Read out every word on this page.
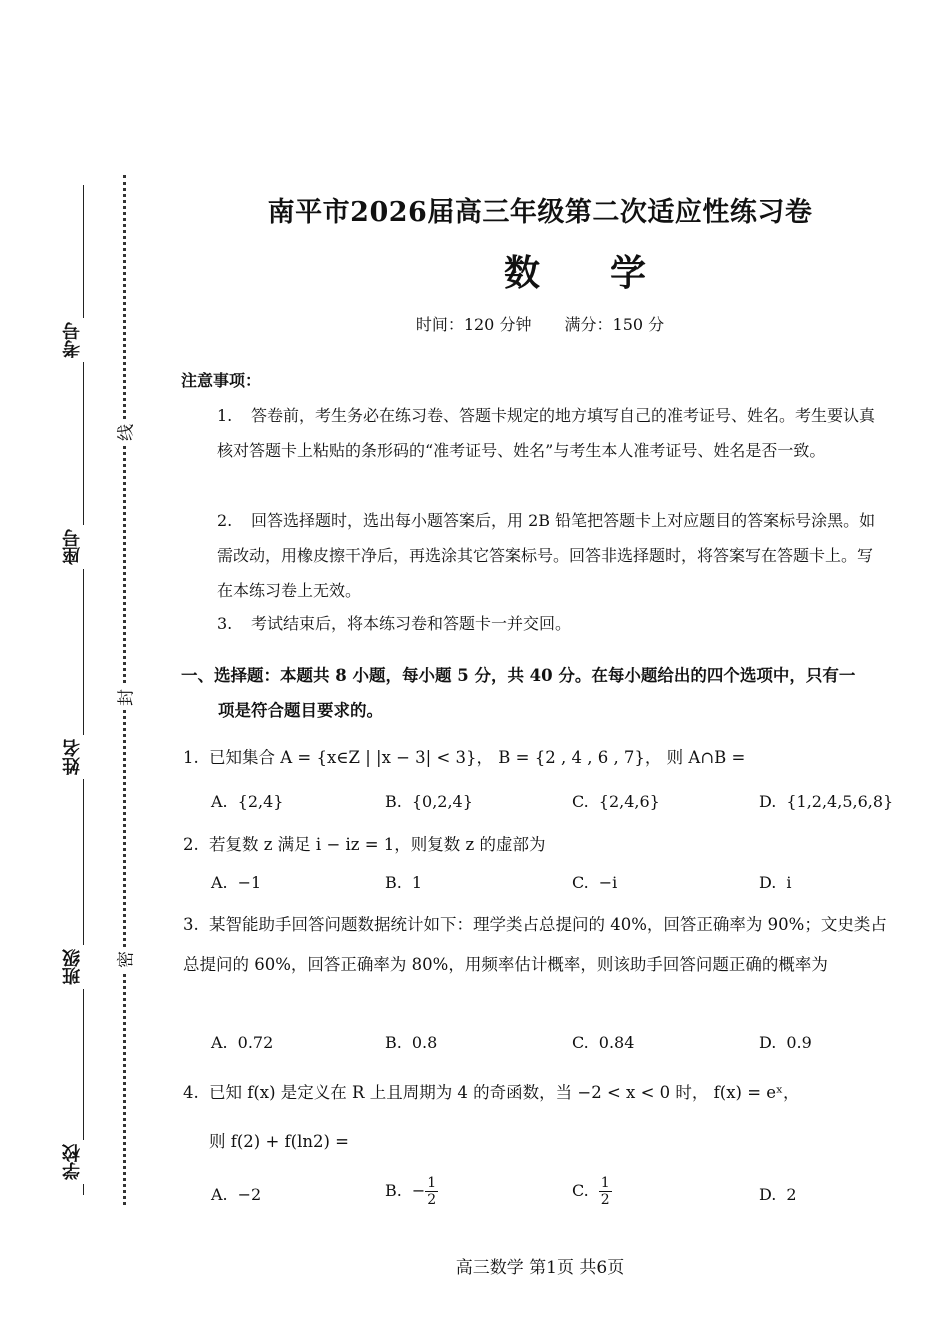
考号
座号
姓名
班级
学校
线
封
密
南平市2026届高三年级第二次适应性练习卷
数学
时间：120 分钟 满分：150 分
注意事项：
1. 答卷前，考生务必在练习卷、答题卡规定的地方填写自己的准考证号、姓名。考生要认真核对答题卡上粘贴的条形码的“准考证号、姓名”与考生本人准考证号、姓名是否一致。
2. 回答选择题时，选出每小题答案后，用 2B 铅笔把答题卡上对应题目的答案标号涂黑。如需改动，用橡皮擦干净后，再选涂其它答案标号。回答非选择题时，将答案写在答题卡上。写在本练习卷上无效。
3. 考试结束后，将本练习卷和答题卡一并交回。
一、选择题：本题共 8 小题，每小题 5 分，共 40 分。在每小题给出的四个选项中，只有一
项是符合题目要求的。
1. 已知集合 A = {x∈Z | |x − 3| < 3}， B = {2 , 4 , 6 , 7}， 则 A∩B =
A. {2,4}	B. {0,2,4}	C. {2,4,6}	D. {1,2,4,5,6,8}
2. 若复数 z 满足 i − iz = 1，则复数 z 的虚部为
A. −1	B. 1	C. −i	D. i
3. 某智能助手回答问题数据统计如下：理学类占总提问的 40%，回答正确率为 90%；文史类占总提问的 60%，回答正确率为 80%，用频率估计概率，则该助手回答问题正确的概率为
A. 0.72	B. 0.8	C. 0.84	D. 0.9
4. 已知 f(x) 是定义在 R 上且周期为 4 的奇函数，当 −2 < x < 0 时， f(x) = eˣ，
则 f(2) + f(ln2) =
A. −2	B. − $\frac{1}{2}$	C. $\frac{1}{2}$	D. 2
高三数学 第1页 共6页
